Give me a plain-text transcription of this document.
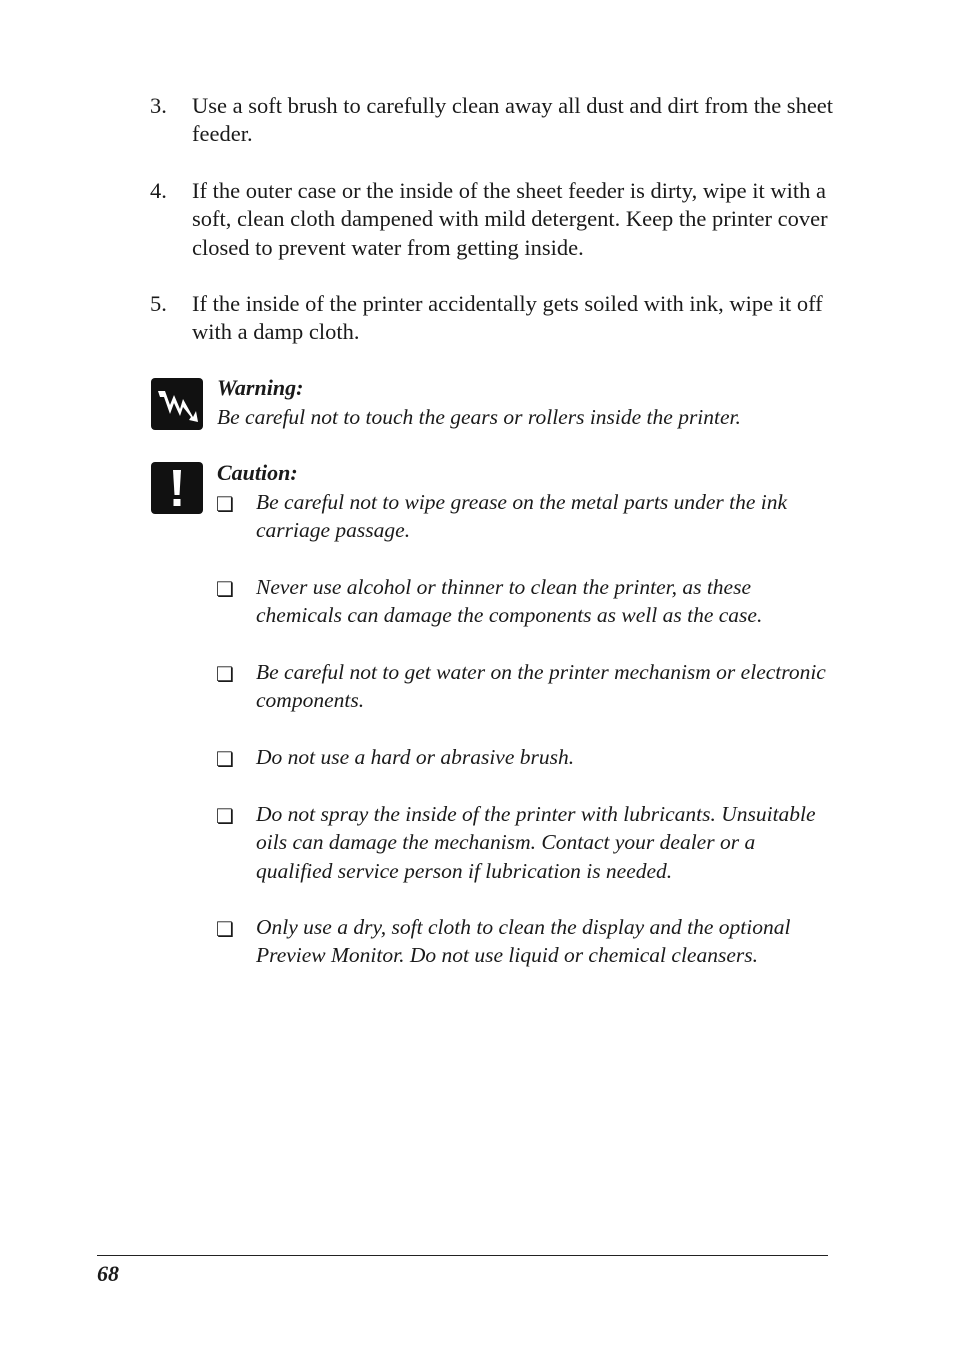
3. Use a soft brush to carefully clean away all dust and dirt from the sheet feeder.
4. If the outer case or the inside of the sheet feeder is dirty, wipe it with a soft, clean cloth dampened with mild detergent. Keep the printer cover closed to prevent water from getting inside.
5. If the inside of the printer accidentally gets soiled with ink, wipe it off with a damp cloth.
Warning:
Be careful not to touch the gears or rollers inside the printer.
Caution:
❏ Be careful not to wipe grease on the metal parts under the ink carriage passage.
❏ Never use alcohol or thinner to clean the printer, as these chemicals can damage the components as well as the case.
❏ Be careful not to get water on the printer mechanism or electronic components.
❏ Do not use a hard or abrasive brush.
❏ Do not spray the inside of the printer with lubricants. Unsuitable oils can damage the mechanism. Contact your dealer or a qualified service person if lubrication is needed.
❏ Only use a dry, soft cloth to clean the display and the optional Preview Monitor. Do not use liquid or chemical cleansers.
68
